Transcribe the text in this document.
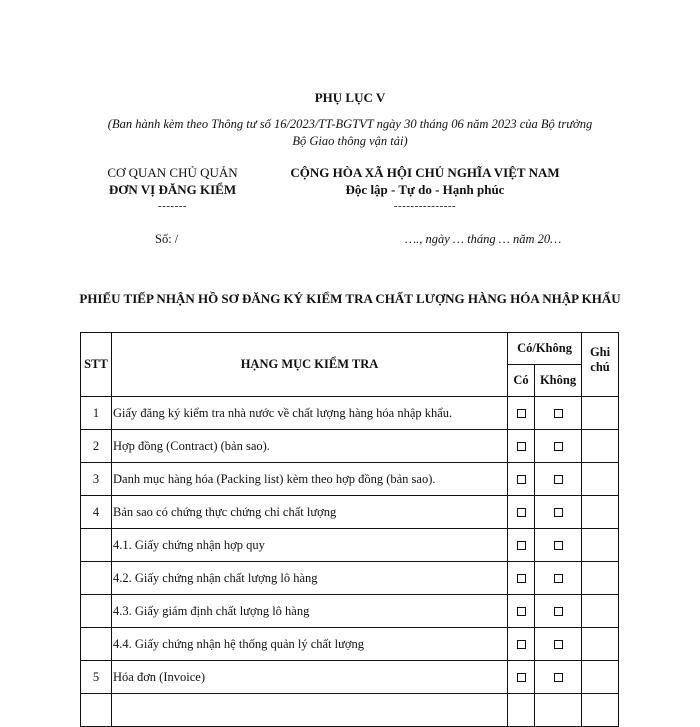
PHỤ LỤC V
(Ban hành kèm theo Thông tư số 16/2023/TT-BGTVT ngày 30 tháng 06 năm 2023 của Bộ trưởng Bộ Giao thông vận tải)
CƠ QUAN CHỦ QUẢN
ĐƠN VỊ ĐĂNG KIỂM
-------
CỘNG HÒA XÃ HỘI CHỦ NGHĨA VIỆT NAM
Độc lập - Tự do - Hạnh phúc
---------------
Số: /	…., ngày … tháng … năm 20…
PHIẾU TIẾP NHẬN HỒ SƠ ĐĂNG KÝ KIỂM TRA CHẤT LƯỢNG HÀNG HÓA NHẬP KHẨU
STT	HẠNG MỤC KIỂM TRA	Có/Không		Ghi chú
		Có	Không	
1	Giấy đăng ký kiểm tra nhà nước về chất lượng hàng hóa nhập khẩu.			
2	Hợp đồng (Contract) (bản sao).			
3	Danh mục hàng hóa (Packing list) kèm theo hợp đồng (bản sao).			
4	Bản sao có chứng thực chứng chỉ chất lượng			
	4.1. Giấy chứng nhận hợp quy			
	4.2. Giấy chứng nhận chất lượng lô hàng			
	4.3. Giấy giám định chất lượng lô hàng			
	4.4. Giấy chứng nhận hệ thống quản lý chất lượng			
5	Hóa đơn (Invoice)			
